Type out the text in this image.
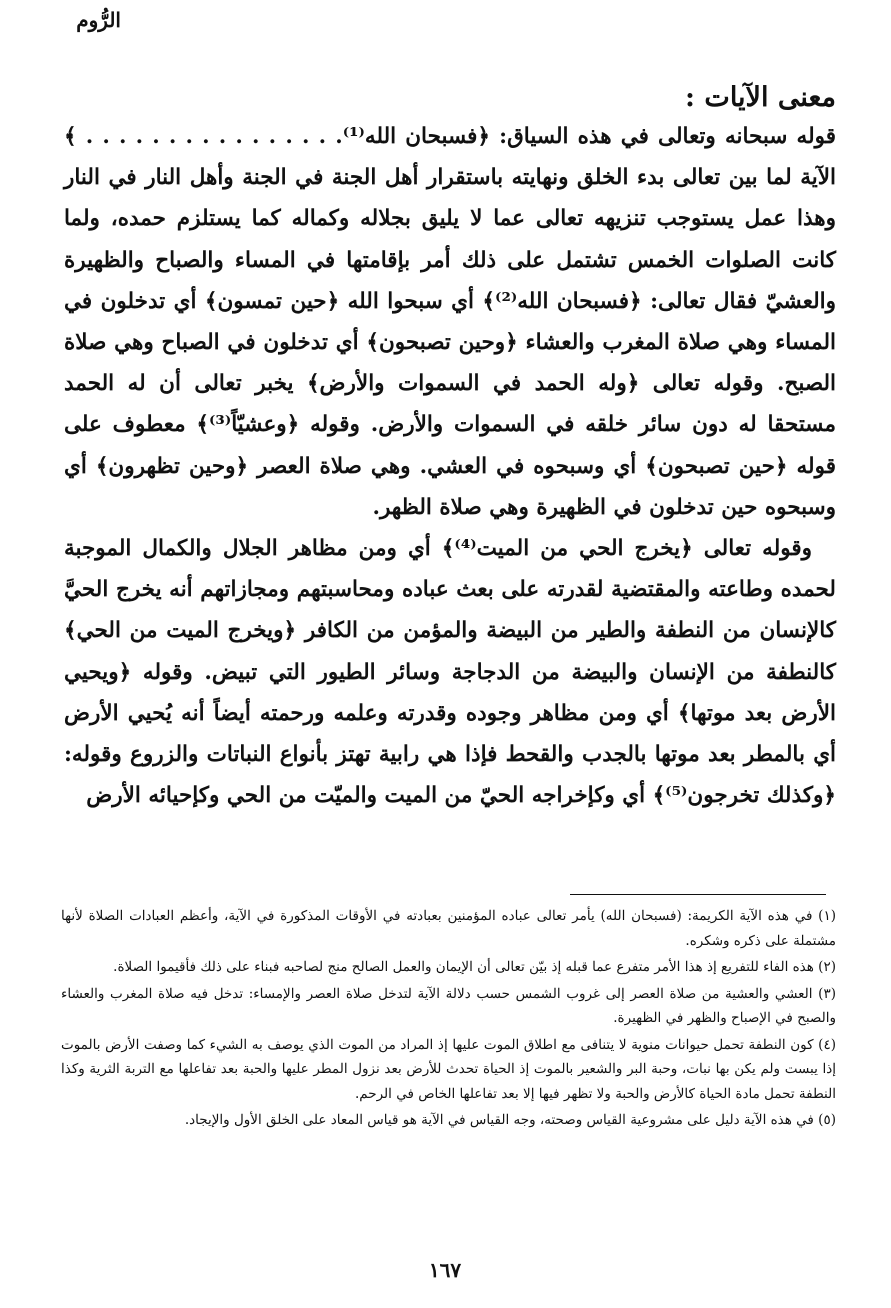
الرُّوم
معنى الآيات :

قوله سبحانه وتعالى في هذه السياق: ﴿فسبحان الله⁽¹⁾. . . . . . . . . . . . . . . . ﴾ الآية لما بين تعالى بدء الخلق ونهايته باستقرار أهل الجنة في الجنة وأهل النار في النار وهذا عمل يستوجب تنزيهه تعالى عما لا يليق بجلاله وكماله كما يستلزم حمده، ولما كانت الصلوات الخمس تشتمل على ذلك أمر بإقامتها في المساء والصباح والظهيرة والعشيّ فقال تعالى: ﴿فسبحان الله⁽²⁾﴾ أي سبحوا الله ﴿حين تمسون﴾ أي تدخلون في المساء وهي صلاة المغرب والعشاء ﴿وحين تصبحون﴾ أي تدخلون في الصباح وهي صلاة الصبح. وقوله تعالى ﴿وله الحمد في السموات والأرض﴾ يخبر تعالى أن له الحمد مستحقا له دون سائر خلقه في السموات والأرض. وقوله ﴿وعشيّاً⁽³⁾﴾ معطوف على قوله ﴿حين تصبحون﴾ أي وسبحوه في العشي. وهي صلاة العصر ﴿وحين تظهرون﴾ أي وسبحوه حين تدخلون في الظهيرة وهي صلاة الظهر.

وقوله تعالى ﴿يخرج الحي من الميت⁽⁴⁾﴾ أي ومن مظاهر الجلال والكمال الموجبة لحمده وطاعته والمقتضية لقدرته على بعث عباده ومحاسبتهم ومجازاتهم أنه يخرج الحيَّ كالإنسان من النطفة والطير من البيضة والمؤمن من الكافر ﴿ويخرج الميت من الحي﴾ كالنطفة من الإنسان والبيضة من الدجاجة وسائر الطيور التي تبيض. وقوله ﴿ويحيي الأرض بعد موتها﴾ أي ومن مظاهر وجوده وقدرته وعلمه ورحمته أيضاً أنه يُحيي الأرض أي بالمطر بعد موتها بالجدب والقحط فإذا هي رابية تهتز بأنواع النباتات والزروع وقوله: ﴿وكذلك تخرجون⁽⁵⁾﴾ أي وكإخراجه الحيّ من الميت والميّت من الحي وكإحيائه الأرض

(١) في هذه الآية الكريمة: (فسبحان الله) يأمر تعالى عباده المؤمنين بعبادته في الأوقات المذكورة في الآية، وأعظم العبادات الصلاة لأنها مشتملة على ذكره وشكره.

(٢) هذه الفاء للتفريع إذ هذا الأمر متفرع عما قبله إذ بيّن تعالى أن الإيمان والعمل الصالح منج لصاحبه فبناء على ذلك فأقيموا الصلاة.

(٣) العشي والعشية من صلاة العصر إلى غروب الشمس حسب دلالة الآية لتدخل صلاة العصر والإمساء: تدخل فيه صلاة المغرب والعشاء والصبح في الإصباح والظهر في الظهيرة.

(٤) كون النطفة تحمل حيوانات منوية لا يتنافى مع اطلاق الموت عليها إذ المراد من الموت الذي يوصف به الشيء كما وصفت الأرض بالموت إذا يبست ولم يكن بها نبات، وحبة البر والشعير بالموت إذ الحياة تحدث للأرض بعد نزول المطر عليها والحبة بعد تفاعلها مع التربة الثرية وكذا النطفة تحمل مادة الحياة كالأرض والحبة ولا تظهر فيها إلا بعد تفاعلها الخاص في الرحم.

(٥) في هذه الآية دليل على مشروعية القياس وصحته، وجه القياس في الآية هو قياس المعاد على الخلق الأول والإيجاد.

١٦٧
